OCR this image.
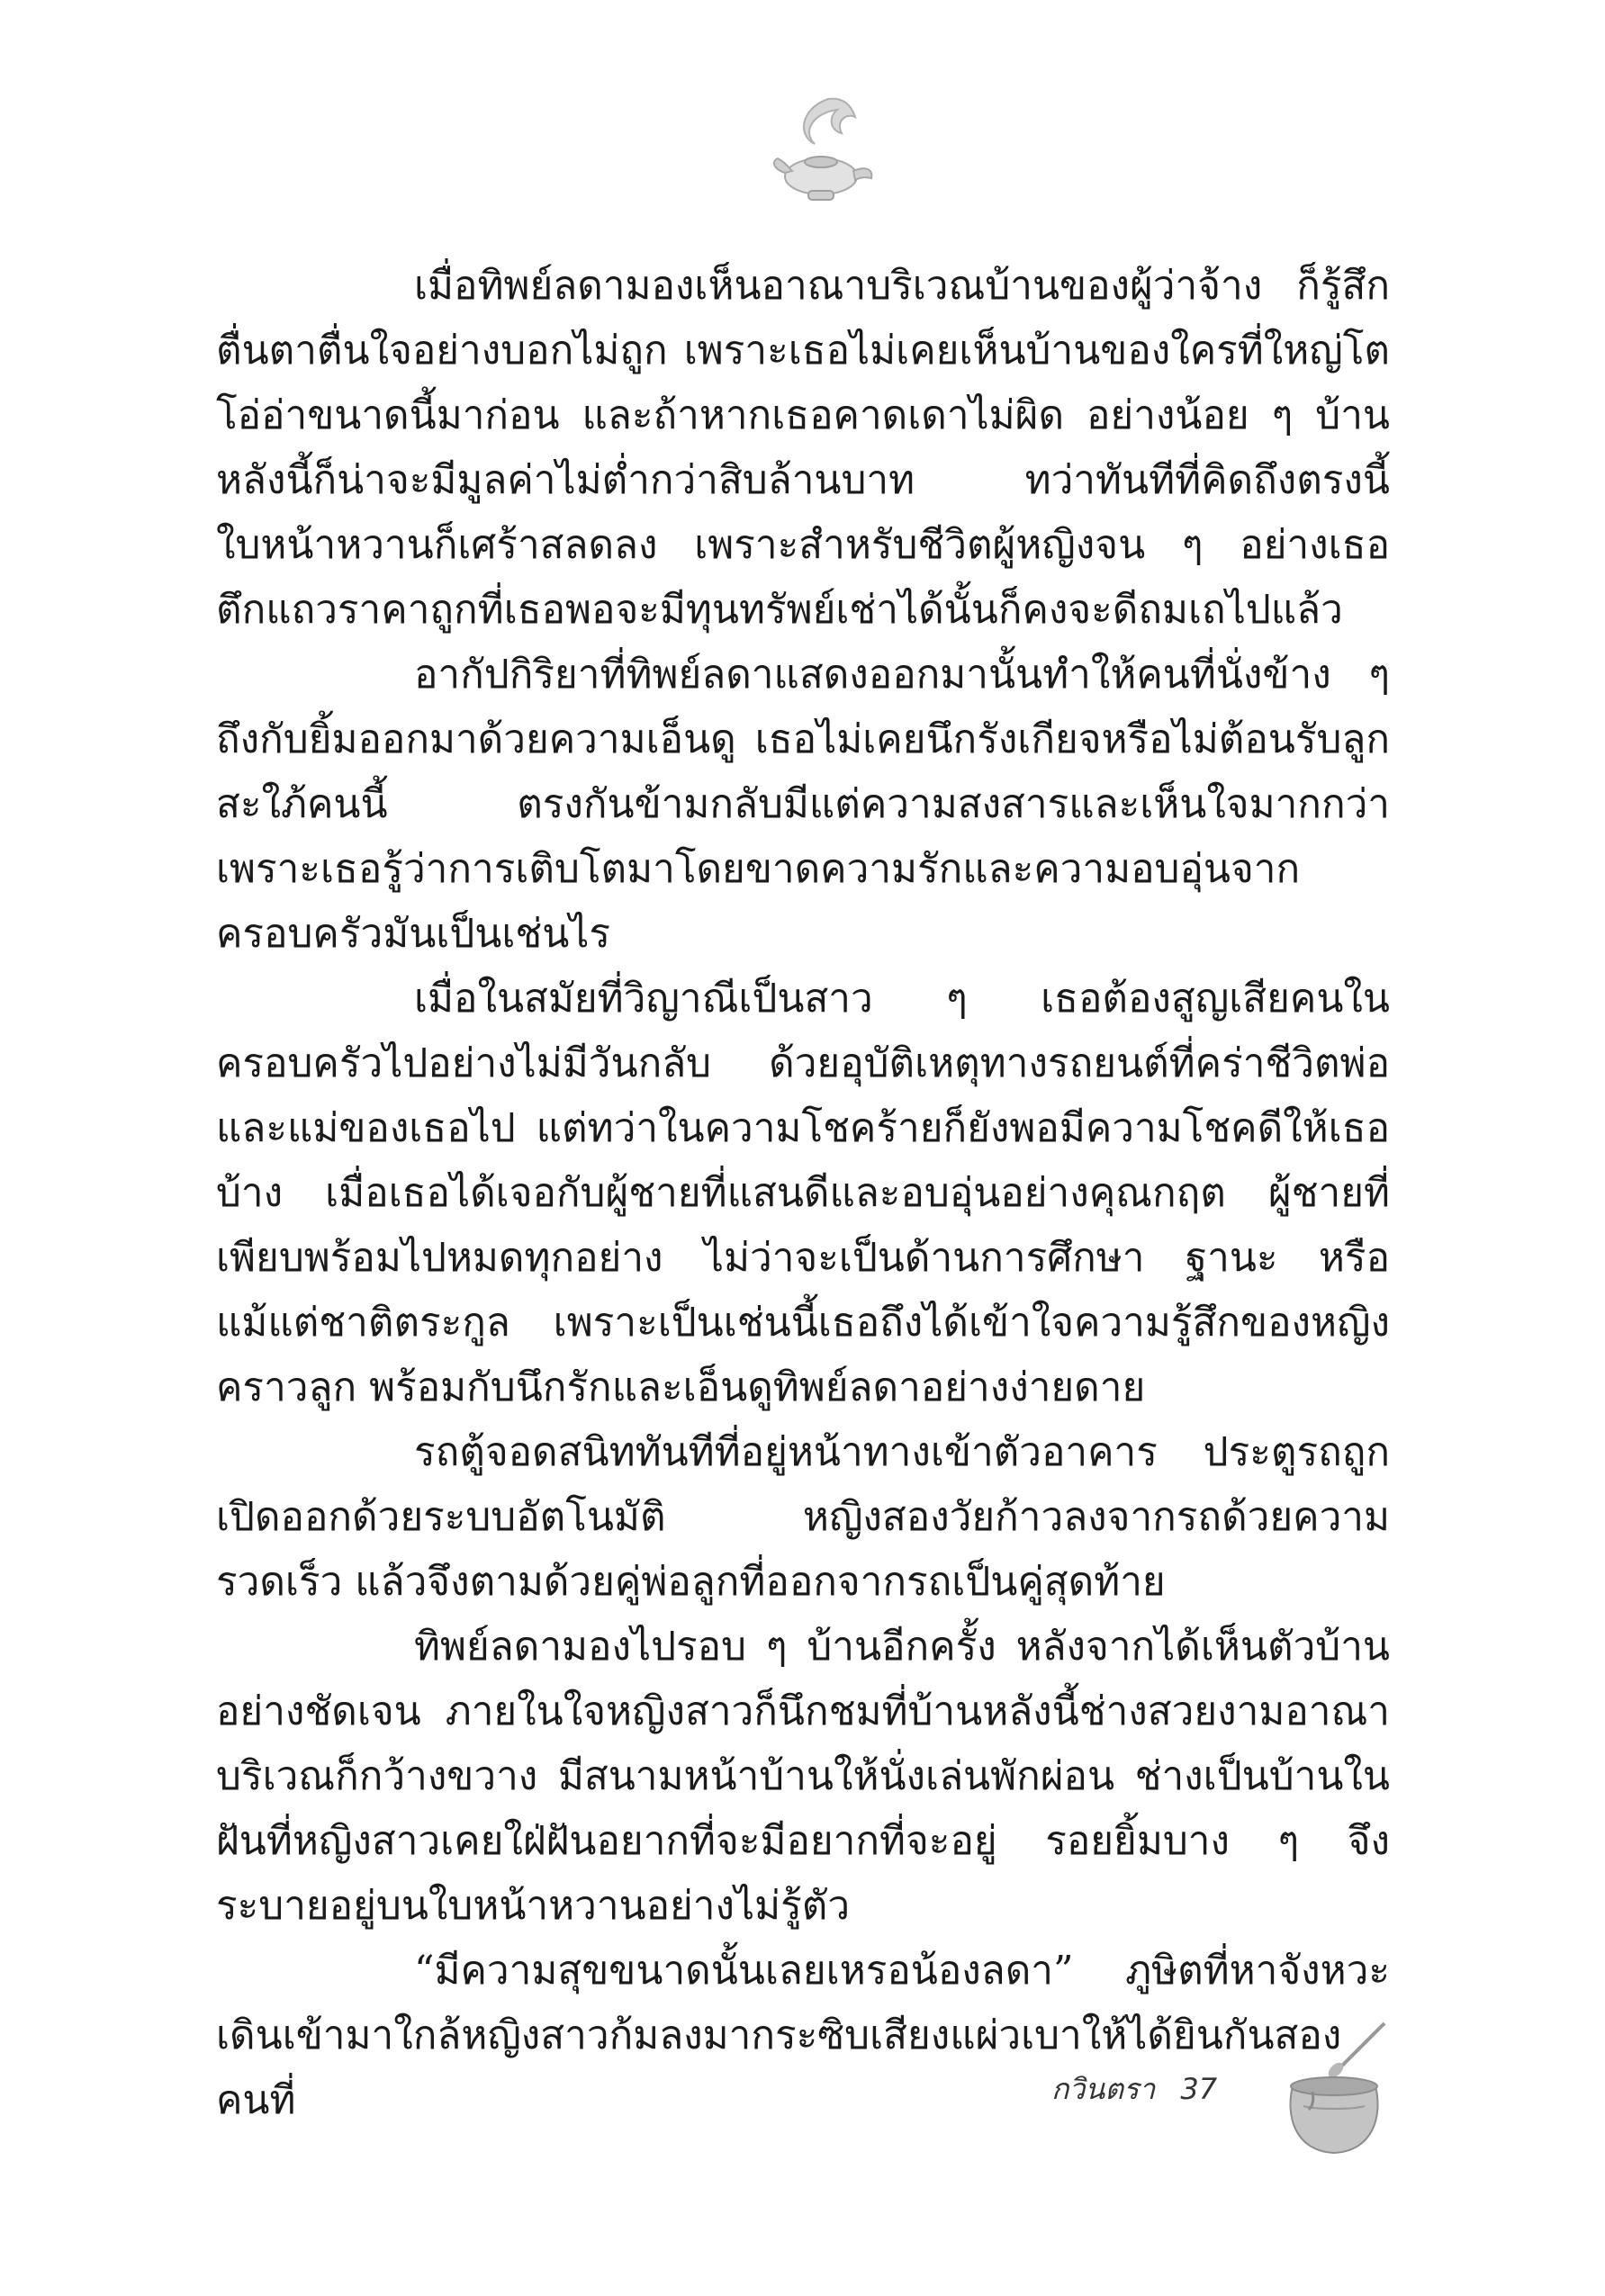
เมื่อทิพย์ลดามองเห็นอาณาบริเวณบ้านของผู้ว่าจ้าง ก็รู้สึกตื่นตาตื่นใจอย่างบอกไม่ถูก เพราะเธอไม่เคยเห็นบ้านของใครที่ใหญ่โตโอ่อ่าขนาดนี้มาก่อน และถ้าหากเธอคาดเดาไม่ผิด อย่างน้อย ๆ บ้านหลังนี้ก็น่าจะมีมูลค่าไม่ต่ำกว่าสิบล้านบาท ทว่าทันทีที่คิดถึงตรงนี้ใบหน้าหวานก็เศร้าสลดลง เพราะสำหรับชีวิตผู้หญิงจน ๆ อย่างเธอ ตึกแถวราคาถูกที่เธอพอจะมีทุนทรัพย์เช่าได้นั้นก็คงจะดีถมเถไปแล้ว

อากัปกิริยาที่ทิพย์ลดาแสดงออกมานั้นทำให้คนที่นั่งข้าง ๆ ถึงกับยิ้มออกมาด้วยความเอ็นดู เธอไม่เคยนึกรังเกียจหรือไม่ต้อนรับลูกสะใภ้คนนี้ ตรงกันข้ามกลับมีแต่ความสงสารและเห็นใจมากกว่า เพราะเธอรู้ว่าการเติบโตมาโดยขาดความรักและความอบอุ่นจากครอบครัวมันเป็นเช่นไร

เมื่อในสมัยที่วิญาณีเป็นสาว ๆ เธอต้องสูญเสียคนในครอบครัวไปอย่างไม่มีวันกลับ ด้วยอุบัติเหตุทางรถยนต์ที่คร่าชีวิตพ่อและแม่ของเธอไป แต่ทว่าในความโชคร้ายก็ยังพอมีความโชคดีให้เธอบ้าง เมื่อเธอได้เจอกับผู้ชายที่แสนดีและอบอุ่นอย่างคุณกฤต ผู้ชายที่เพียบพร้อมไปหมดทุกอย่าง ไม่ว่าจะเป็นด้านการศึกษา ฐานะ หรือแม้แต่ชาติตระกูล เพราะเป็นเช่นนี้เธอถึงได้เข้าใจความรู้สึกของหญิงคราวลูก พร้อมกับนึกรักและเอ็นดูทิพย์ลดาอย่างง่ายดาย

รถตู้จอดสนิททันทีที่อยู่หน้าทางเข้าตัวอาคาร ประตูรถถูกเปิดออกด้วยระบบอัตโนมัติ หญิงสองวัยก้าวลงจากรถด้วยความรวดเร็ว แล้วจึงตามด้วยคู่พ่อลูกที่ออกจากรถเป็นคู่สุดท้าย

ทิพย์ลดามองไปรอบ ๆ บ้านอีกครั้ง หลังจากได้เห็นตัวบ้านอย่างชัดเจน ภายในใจหญิงสาวก็นึกชมที่บ้านหลังนี้ช่างสวยงามอาณาบริเวณก็กว้างขวาง มีสนามหน้าบ้านให้นั่งเล่นพักผ่อน ช่างเป็นบ้านในฝันที่หญิงสาวเคยใฝ่ฝันอยากที่จะมีอยากที่จะอยู่ รอยยิ้มบาง ๆ จึงระบายอยู่บนใบหน้าหวานอย่างไม่รู้ตัว

“มีความสุขขนาดนั้นเลยเหรอน้องลดา” ภูษิตที่หาจังหวะเดินเข้ามาใกล้หญิงสาวก้มลงมากระซิบเสียงแผ่วเบาให้ได้ยินกันสองคนที่	กวินตรา 37
